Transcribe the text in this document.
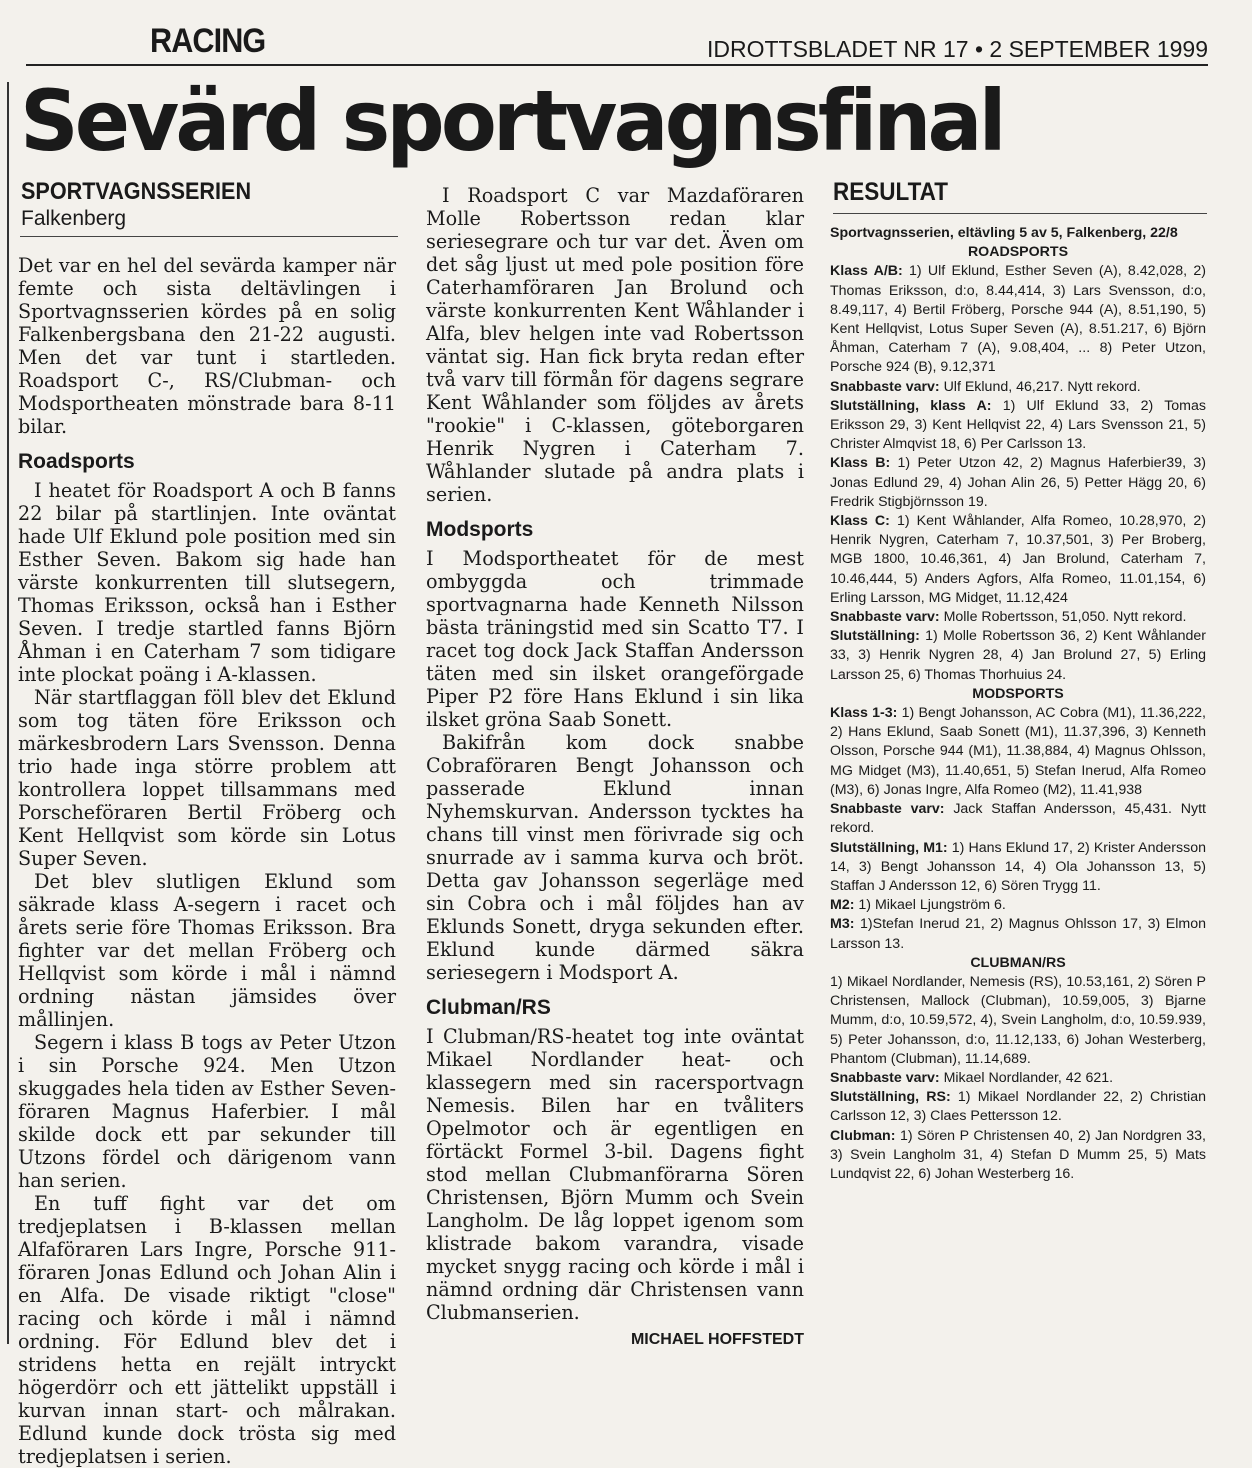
RACING	IDROTTSBLADET NR 17 • 2 SEPTEMBER 1999
Sevärd sportvagnsfinal
SPORTVAGNSSERIEN
Falkenberg

Det var en hel del sevärda kamper när femte och sista deltävlingen i Sportvagnsserien kördes på en solig Falkenbergsbana den 21-22 augusti. Men det var tunt i startleden. Roadsport C-, RS/Clubman- och Modsportheaten mönstrade bara 8-11 bilar.

Roadsports

I heatet för Roadsport A och B fanns 22 bilar på startlinjen. Inte oväntat hade Ulf Eklund pole position med sin Esther Seven. Bakom sig hade han värste konkurrenten till slutsegern, Thomas Eriksson, också han i Esther Seven. I tredje startled fanns Björn Åhman i en Caterham 7 som tidigare inte plockat poäng i A-klassen.

När startflaggan föll blev det Eklund som tog täten före Eriksson och märkesbrodern Lars Svensson. Denna trio hade inga större problem att kontrollera loppet tillsammans med Porscheföraren Bertil Fröberg och Kent Hellqvist som körde sin Lotus Super Seven.

Det blev slutligen Eklund som säkrade klass A-segern i racet och årets serie före Thomas Eriksson. Bra fighter var det mellan Fröberg och Hellqvist som körde i mål i nämnd ordning nästan jämsides över mållinjen.

Segern i klass B togs av Peter Utzon i sin Porsche 924. Men Utzon skuggades hela tiden av Esther Seven-föraren Magnus Haferbier. I mål skilde dock ett par sekunder till Utzons fördel och därigenom vann han serien.

En tuff fight var det om tredjeplatsen i B-klassen mellan Alfaföraren Lars Ingre, Porsche 911-föraren Jonas Edlund och Johan Alin i en Alfa. De visade riktigt "close" racing och körde i mål i nämnd ordning. För Edlund blev det i stridens hetta en rejält intryckt högerdörr och ett jättelikt uppställ i kurvan innan start- och målrakan. Edlund kunde dock trösta sig med tredjeplatsen i serien.

I Roadsport C var Mazdaföraren Molle Robertsson redan klar seriesegrare och tur var det. Även om det såg ljust ut med pole position före Caterhamföraren Jan Brolund och värste konkurrenten Kent Wåhlander i Alfa, blev helgen inte vad Robertsson väntat sig. Han fick bryta redan efter två varv till förmån för dagens segrare Kent Wåhlander som följdes av årets "rookie" i C-klassen, göteborgaren Henrik Nygren i Caterham 7. Wåhlander slutade på andra plats i serien.

Modsports

I Modsportheatet för de mest ombyggda och trimmade sportvagnarna hade Kenneth Nilsson bästa träningstid med sin Scatto T7. I racet tog dock Jack Staffan Andersson täten med sin ilsket orangeförgade Piper P2 före Hans Eklund i sin lika ilsket gröna Saab Sonett.

Bakifrån kom dock snabbe Cobraföraren Bengt Johansson och passerade Eklund innan Nyhemskurvan. Andersson tycktes ha chans till vinst men förivrade sig och snurrade av i samma kurva och bröt. Detta gav Johansson segerläge med sin Cobra och i mål följdes han av Eklunds Sonett, dryga sekunden efter. Eklund kunde därmed säkra seriesegern i Modsport A.

Clubman/RS

I Clubman/RS-heatet tog inte oväntat Mikael Nordlander heat- och klassegern med sin racersportvagn Nemesis. Bilen har en tvåliters Opelmotor och är egentligen en förtäckt Formel 3-bil. Dagens fight stod mellan Clubmanförarna Sören Christensen, Björn Mumm och Svein Langholm. De låg loppet igenom som klistrade bakom varandra, visade mycket snygg racing och körde i mål i nämnd ordning där Christensen vann Clubmanserien.

MICHAEL HOFFSTEDT
RESULTAT

Sportvagnsserien, eltävling 5 av 5, Falkenberg, 22/8

ROADSPORTS

Klass A/B: 1) Ulf Eklund, Esther Seven (A), 8.42,028, 2) Thomas Eriksson, d:o, 8.44,414, 3) Lars Svensson, d:o, 8.49,117, 4) Bertil Fröberg, Porsche 944 (A), 8.51,190, 5) Kent Hellqvist, Lotus Super Seven (A), 8.51.217, 6) Björn Åhman, Caterham 7 (A), 9.08,404, ... 8) Peter Utzon, Porsche 924 (B), 9.12,371

Snabbaste varv: Ulf Eklund, 46,217. Nytt rekord.

Slutställning, klass A: 1) Ulf Eklund 33, 2) Tomas Eriksson 29, 3) Kent Hellqvist 22, 4) Lars Svensson 21, 5) Christer Almqvist 18, 6) Per Carlsson 13.

Klass B: 1) Peter Utzon 42, 2) Magnus Haferbier39, 3) Jonas Edlund 29, 4) Johan Alin 26, 5) Petter Hägg 20, 6) Fredrik Stigbjörnsson 19.

Klass C: 1) Kent Wåhlander, Alfa Romeo, 10.28,970, 2) Henrik Nygren, Caterham 7, 10.37,501, 3) Per Broberg, MGB 1800, 10.46,361, 4) Jan Brolund, Caterham 7, 10.46,444, 5) Anders Agfors, Alfa Romeo, 11.01,154, 6) Erling Larsson, MG Midget, 11.12,424

Snabbaste varv: Molle Robertsson, 51,050. Nytt rekord.

Slutställning: 1) Molle Robertsson 36, 2) Kent Wåhlander 33, 3) Henrik Nygren 28, 4) Jan Brolund 27, 5) Erling Larsson 25, 6) Thomas Thorhuius 24.

MODSPORTS

Klass 1-3: 1) Bengt Johansson, AC Cobra (M1), 11.36,222, 2) Hans Eklund, Saab Sonett (M1), 11.37,396, 3) Kenneth Olsson, Porsche 944 (M1), 11.38,884, 4) Magnus Ohlsson, MG Midget (M3), 11.40,651, 5) Stefan Inerud, Alfa Romeo (M3), 6) Jonas Ingre, Alfa Romeo (M2), 11.41,938

Snabbaste varv: Jack Staffan Andersson, 45,431. Nytt rekord.

Slutställning, M1: 1) Hans Eklund 17, 2) Krister Andersson 14, 3) Bengt Johansson 14, 4) Ola Johansson 13, 5) Staffan J Andersson 12, 6) Sören Trygg 11.

M2: 1) Mikael Ljungström 6.

M3: 1)Stefan Inerud 21, 2) Magnus Ohlsson 17, 3) Elmon Larsson 13.

CLUBMAN/RS

1) Mikael Nordlander, Nemesis (RS), 10.53,161, 2) Sören P Christensen, Mallock (Clubman), 10.59,005, 3) Bjarne Mumm, d:o, 10.59,572, 4), Svein Langholm, d:o, 10.59.939, 5) Peter Johansson, d:o, 11.12,133, 6) Johan Westerberg, Phantom (Clubman), 11.14,689.

Snabbaste varv: Mikael Nordlander, 42 621.

Slutställning, RS: 1) Mikael Nordlander 22, 2) Christian Carlsson 12, 3) Claes Pettersson 12.

Clubman: 1) Sören P Christensen 40, 2) Jan Nordgren 33, 3) Svein Langholm 31, 4) Stefan D Mumm 25, 5) Mats Lundqvist 22, 6) Johan Westerberg 16.
